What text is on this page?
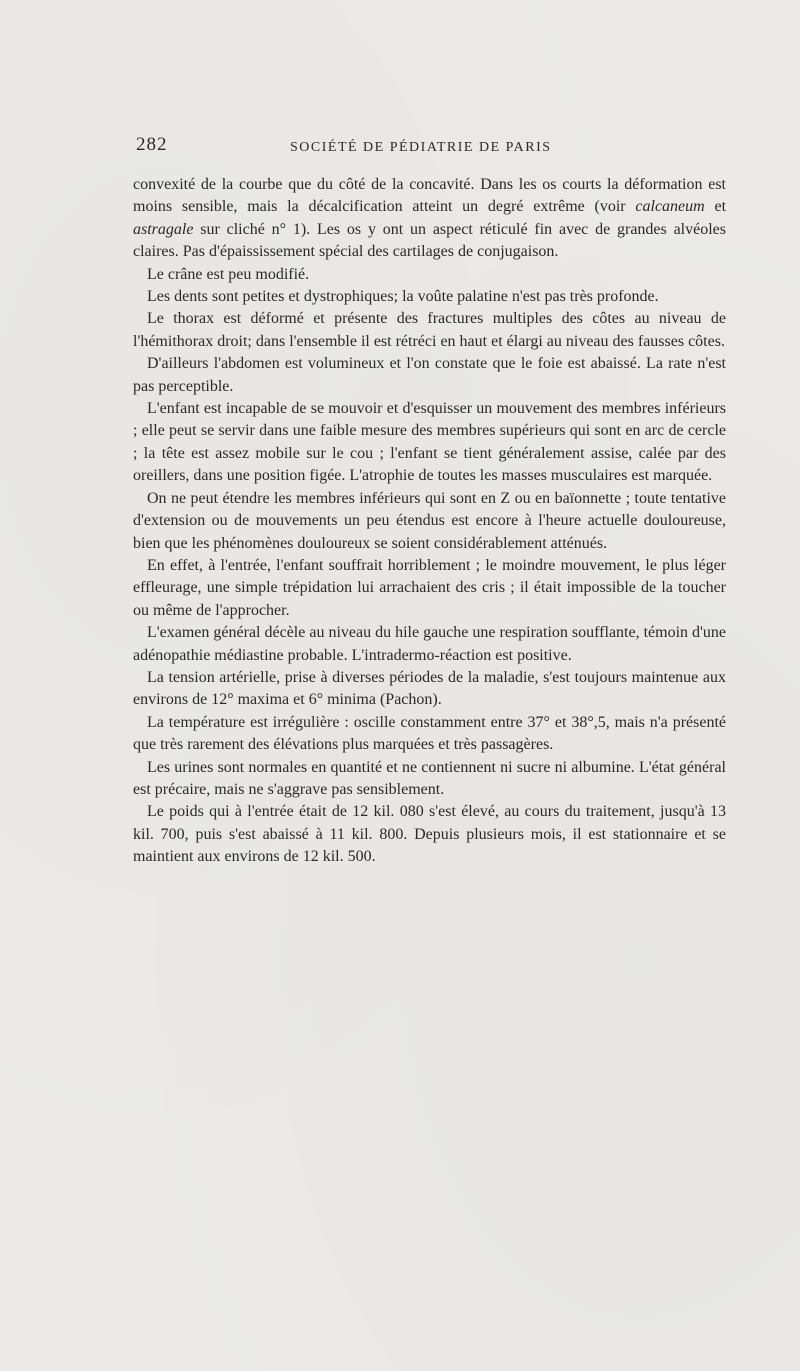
282	SOCIÉTÉ DE PÉDIATRIE DE PARIS

convexité de la courbe que du côté de la concavité. Dans les os courts la déformation est moins sensible, mais la décalcification atteint un degré extrême (voir calcaneum et astragale sur cliché n° 1). Les os y ont un aspect réticulé fin avec de grandes alvéoles claires. Pas d'épaississement spécial des cartilages de conjugaison.

Le crâne est peu modifié.

Les dents sont petites et dystrophiques; la voûte palatine n'est pas très profonde.

Le thorax est déformé et présente des fractures multiples des côtes au niveau de l'hémithorax droit; dans l'ensemble il est rétréci en haut et élargi au niveau des fausses côtes.

D'ailleurs l'abdomen est volumineux et l'on constate que le foie est abaissé. La rate n'est pas perceptible.

L'enfant est incapable de se mouvoir et d'esquisser un mouvement des membres inférieurs ; elle peut se servir dans une faible mesure des membres supérieurs qui sont en arc de cercle ; la tête est assez mobile sur le cou ; l'enfant se tient généralement assise, calée par des oreillers, dans une position figée. L'atrophie de toutes les masses musculaires est marquée.

On ne peut étendre les membres inférieurs qui sont en Z ou en baïonnette ; toute tentative d'extension ou de mouvements un peu étendus est encore à l'heure actuelle douloureuse, bien que les phénomènes douloureux se soient considérablement atténués.

En effet, à l'entrée, l'enfant souffrait horriblement ; le moindre mouvement, le plus léger effleurage, une simple trépidation lui arrachaient des cris ; il était impossible de la toucher ou même de l'approcher.

L'examen général décèle au niveau du hile gauche une respiration soufflante, témoin d'une adénopathie médiastine probable. L'intradermo-réaction est positive.

La tension artérielle, prise à diverses périodes de la maladie, s'est toujours maintenue aux environs de 12° maxima et 6° minima (Pachon).

La température est irrégulière : oscille constamment entre 37° et 38°,5, mais n'a présenté que très rarement des élévations plus marquées et très passagères.

Les urines sont normales en quantité et ne contiennent ni sucre ni albumine. L'état général est précaire, mais ne s'aggrave pas sensiblement.

Le poids qui à l'entrée était de 12 kil. 080 s'est élevé, au cours du traitement, jusqu'à 13 kil. 700, puis s'est abaissé à 11 kil. 800. Depuis plusieurs mois, il est stationnaire et se maintient aux environs de 12 kil. 500.
